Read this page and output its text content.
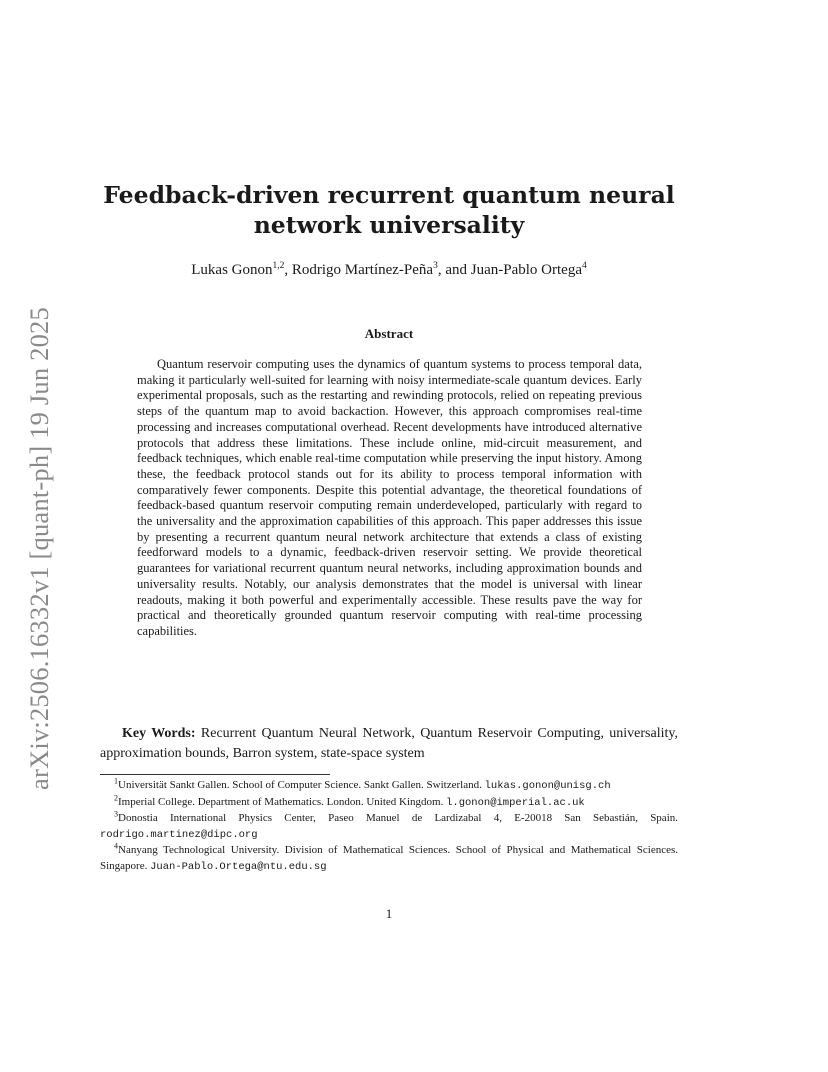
arXiv:2506.16332v1 [quant-ph] 19 Jun 2025
Feedback-driven recurrent quantum neural
network universality
Lukas Gonon$^{1,2}$, Rodrigo Martínez-Peña$^3$, and Juan-Pablo Ortega$^4$
Abstract

Quantum reservoir computing uses the dynamics of quantum systems to process temporal data, making it particularly well-suited for learning with noisy intermediate-scale quantum devices. Early experimental proposals, such as the restarting and rewinding protocols, relied on repeating previous steps of the quantum map to avoid backaction. However, this approach compromises real-time processing and increases computational overhead. Recent developments have introduced alternative protocols that address these limitations. These include online, mid-circuit measurement, and feedback techniques, which enable real-time computation while preserving the input history. Among these, the feedback protocol stands out for its ability to process temporal information with comparatively fewer components. Despite this potential advantage, the theoretical foundations of feedback-based quantum reservoir computing remain underdeveloped, particularly with regard to the universality and the approximation capabilities of this approach. This paper addresses this issue by presenting a recurrent quantum neural network architecture that extends a class of existing feedforward models to a dynamic, feedback-driven reservoir setting. We provide theoretical guarantees for variational recurrent quantum neural networks, including approximation bounds and universality results. Notably, our analysis demonstrates that the model is universal with linear readouts, making it both powerful and experimentally accessible. These results pave the way for practical and theoretically grounded quantum reservoir computing with real-time processing capabilities.

Key Words: Recurrent Quantum Neural Network, Quantum Reservoir Computing, universality, approximation bounds, Barron system, state-space system

$^1$Universität Sankt Gallen. School of Computer Science. Sankt Gallen. Switzerland. lukas.gonon@unisg.ch

$^2$Imperial College. Department of Mathematics. London. United Kingdom. l.gonon@imperial.ac.uk

$^3$Donostia International Physics Center, Paseo Manuel de Lardizabal 4, E-20018 San Sebastián, Spain. rodrigo.martinez@dipc.org

$^4$Nanyang Technological University. Division of Mathematical Sciences. School of Physical and Mathematical Sciences. Singapore. Juan-Pablo.Ortega@ntu.edu.sg

1
